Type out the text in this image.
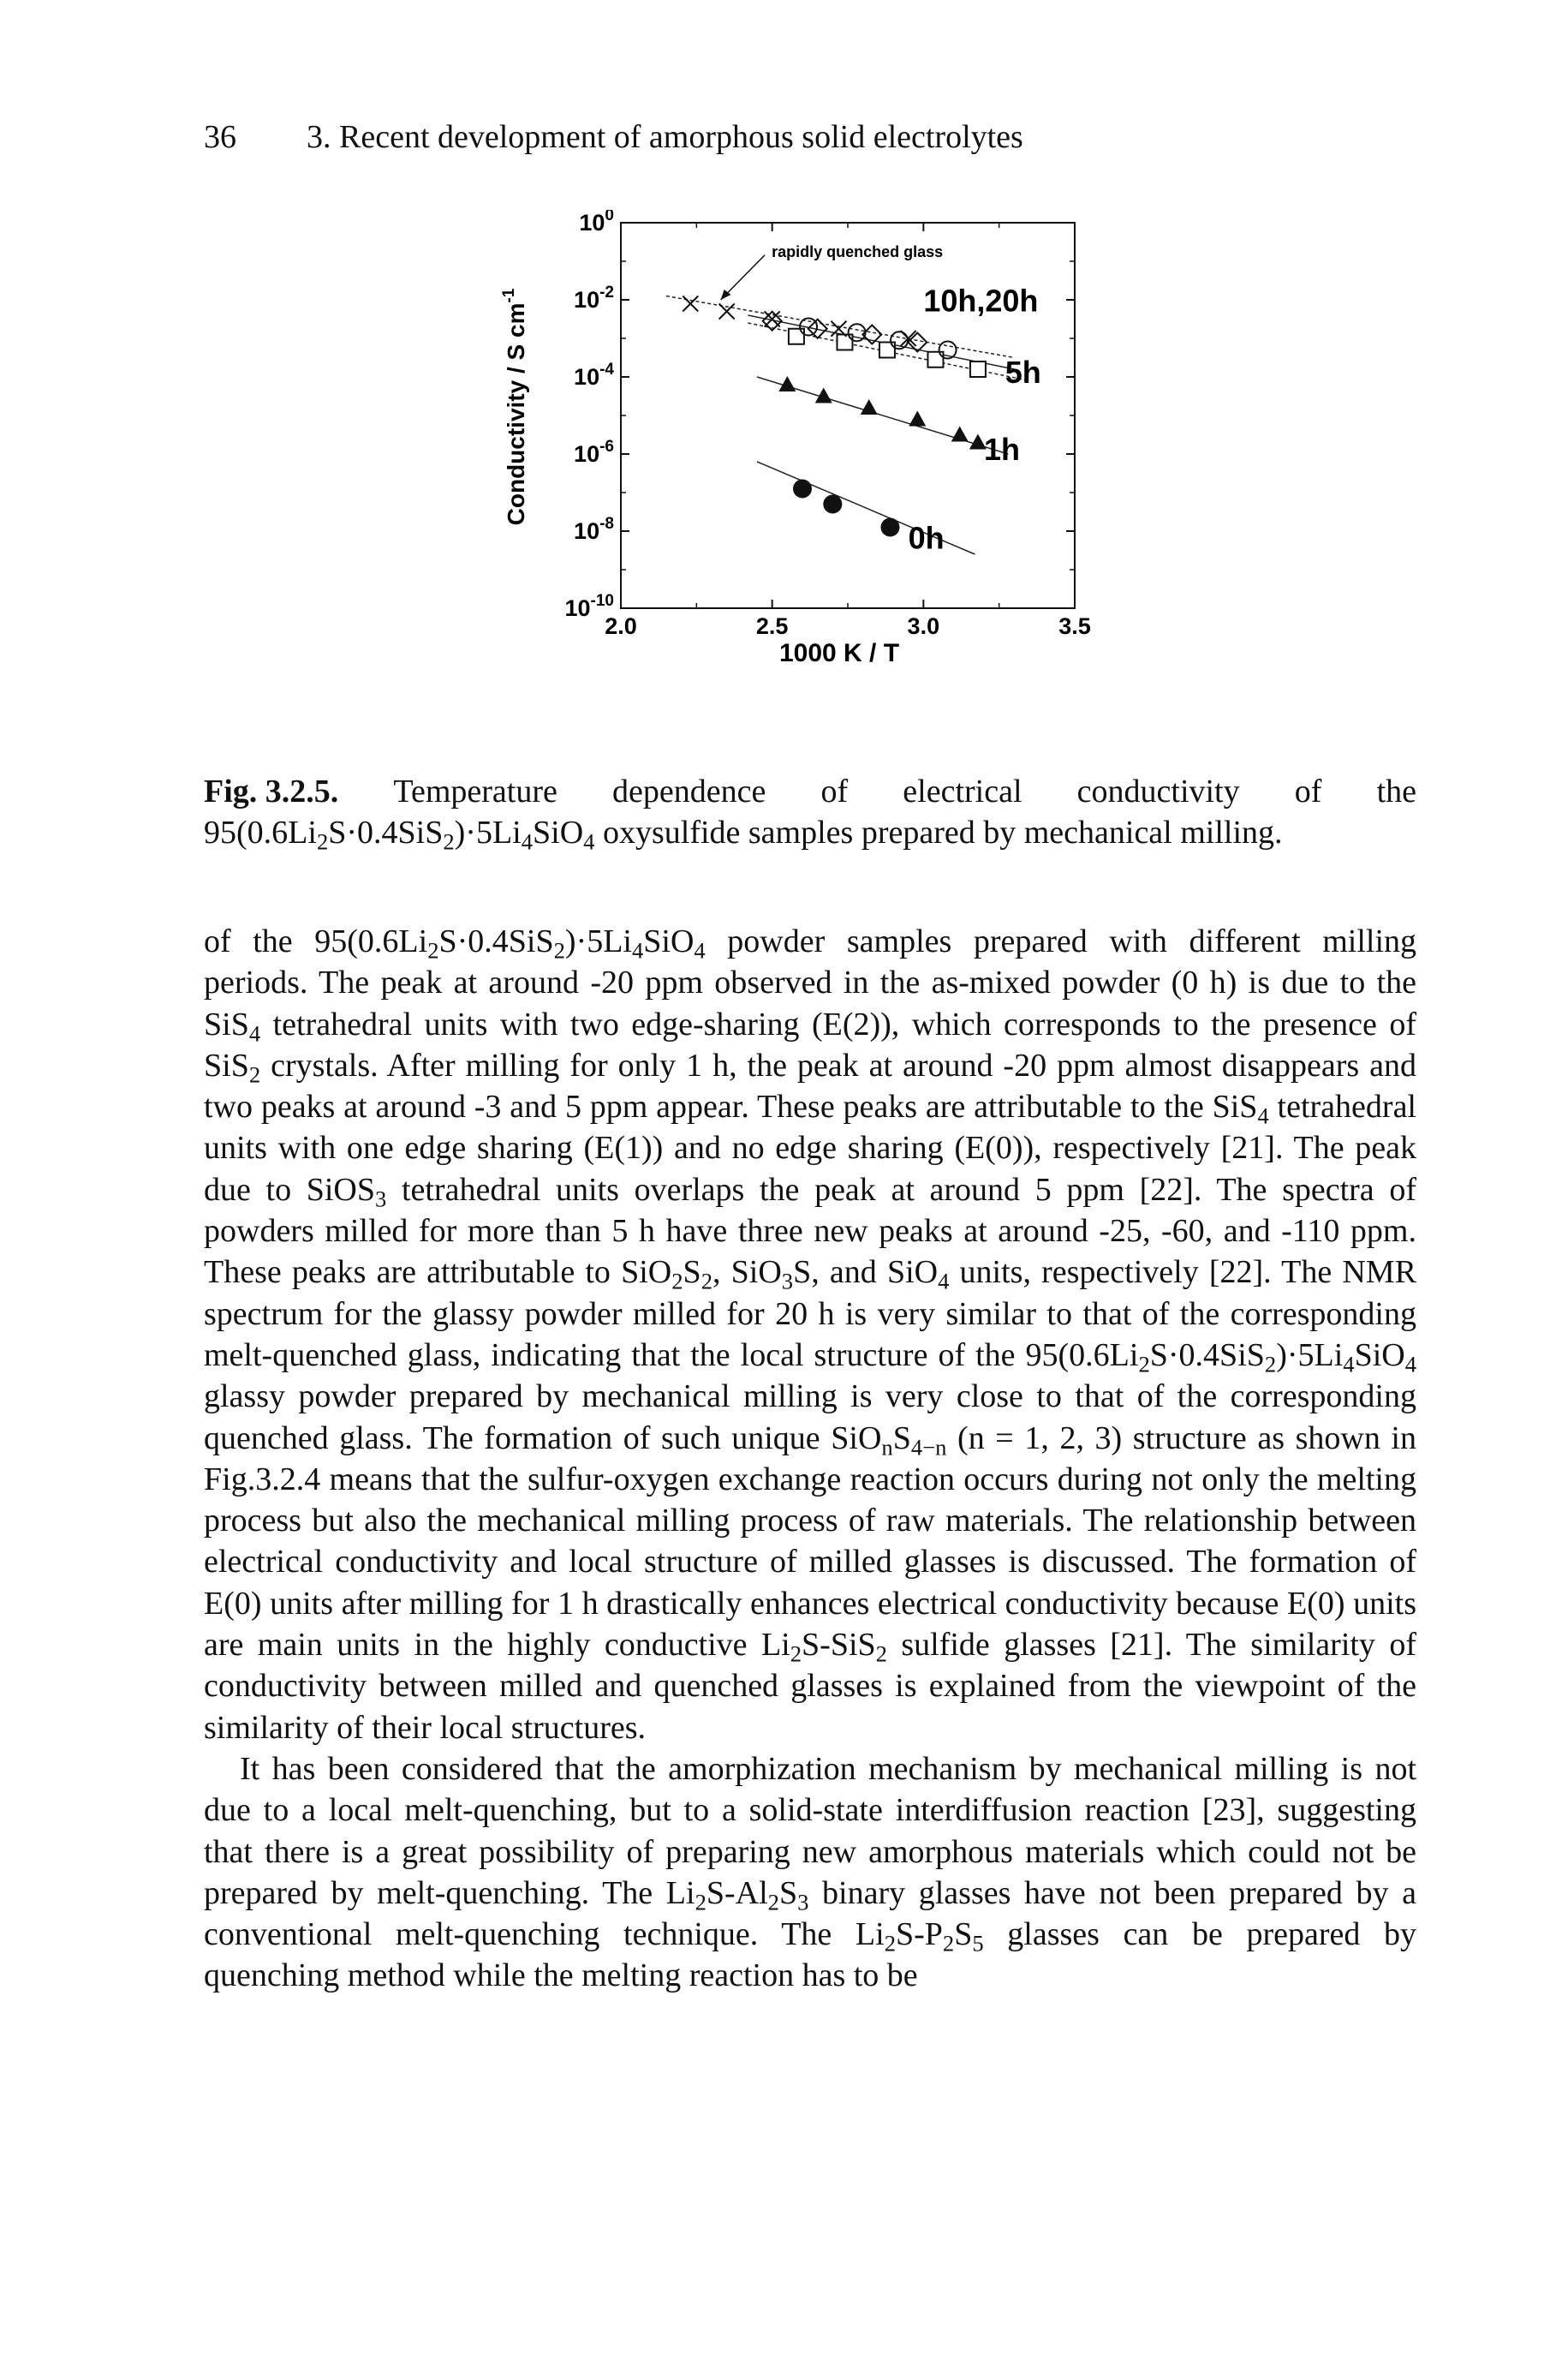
36 3. Recent development of amorphous solid electrolytes
2.0	2.5	3.0	3.5
$10^0$
$10^{-2}$
$10^{-4}$
$10^{-6}$
$10^{-8}$
$10^{-10}$
1000 K / T
Conductivity / S $cm^{-1}$
rapidly quenched glass
10h,20h
5h
1h
0h
Fig. 3.2.5. Temperature dependence of electrical conductivity of the
$95(0.6Li_2S\cdot 0.4SiS_2)\cdot 5Li_4SiO_4$ oxysulfide samples prepared by mechanical milling.

of the $95(0.6Li_2S\cdot 0.4SiS_2)\cdot 5Li_4SiO_4$ powder samples prepared with different milling periods. The peak at around -20 ppm observed in the as-mixed powder (0 h) is due to the SiS$_4$ tetrahedral units with two edge-sharing (E(2)), which corresponds to the presence of SiS$_2$ crystals. After milling for only 1 h, the peak at around -20 ppm almost disappears and two peaks at around -3 and 5 ppm appear. These peaks are attributable to the SiS$_4$ tetrahedral units with one edge sharing (E(1)) and no edge sharing (E(0)), respectively [21]. The peak due to SiOS$_3$ tetrahedral units overlaps the peak at around 5 ppm [22]. The spectra of powders milled for more than 5 h have three new peaks at around -25, -60, and -110 ppm. These peaks are attributable to $SiO_2S_2$, SiO$_3$S, and SiO$_4$ units, respectively [22]. The NMR spectrum for the glassy powder milled for 20 h is very similar to that of the corresponding melt-quenched glass, indicating that the local structure of the $95(0.6Li_2S\cdot 0.4SiS_2)\cdot 5Li_4SiO_4$ glassy powder prepared by mechanical milling is very close to that of the corresponding quenched glass. The formation of such unique $SiO_nS_{4-n}$ (n = 1, 2, 3) structure as shown in Fig.3.2.4 means that the sulfur-oxygen exchange reaction occurs during not only the melting process but also the mechanical milling process of raw materials. The relationship between electrical conductivity and local structure of milled glasses is discussed. The formation of E(0) units after milling for 1 h drastically enhances electrical conductivity because E(0) units are main units in the highly conductive $Li_2S-SiS_2$ sulfide glasses [21]. The similarity of conductivity between milled and quenched glasses is explained from the viewpoint of the similarity of their local structures.

It has been considered that the amorphization mechanism by mechanical milling is not due to a local melt-quenching, but to a solid-state interdiffusion reaction [23], suggesting that there is a great possibility of preparing new amorphous materials which could not be prepared by melt-quenching. The $Li_2S-Al_2S_3$ binary glasses have not been prepared by a conventional melt-quenching technique. The $Li_2S-P_2S_5$ glasses can be prepared by quenching method while the melting reaction has to be
